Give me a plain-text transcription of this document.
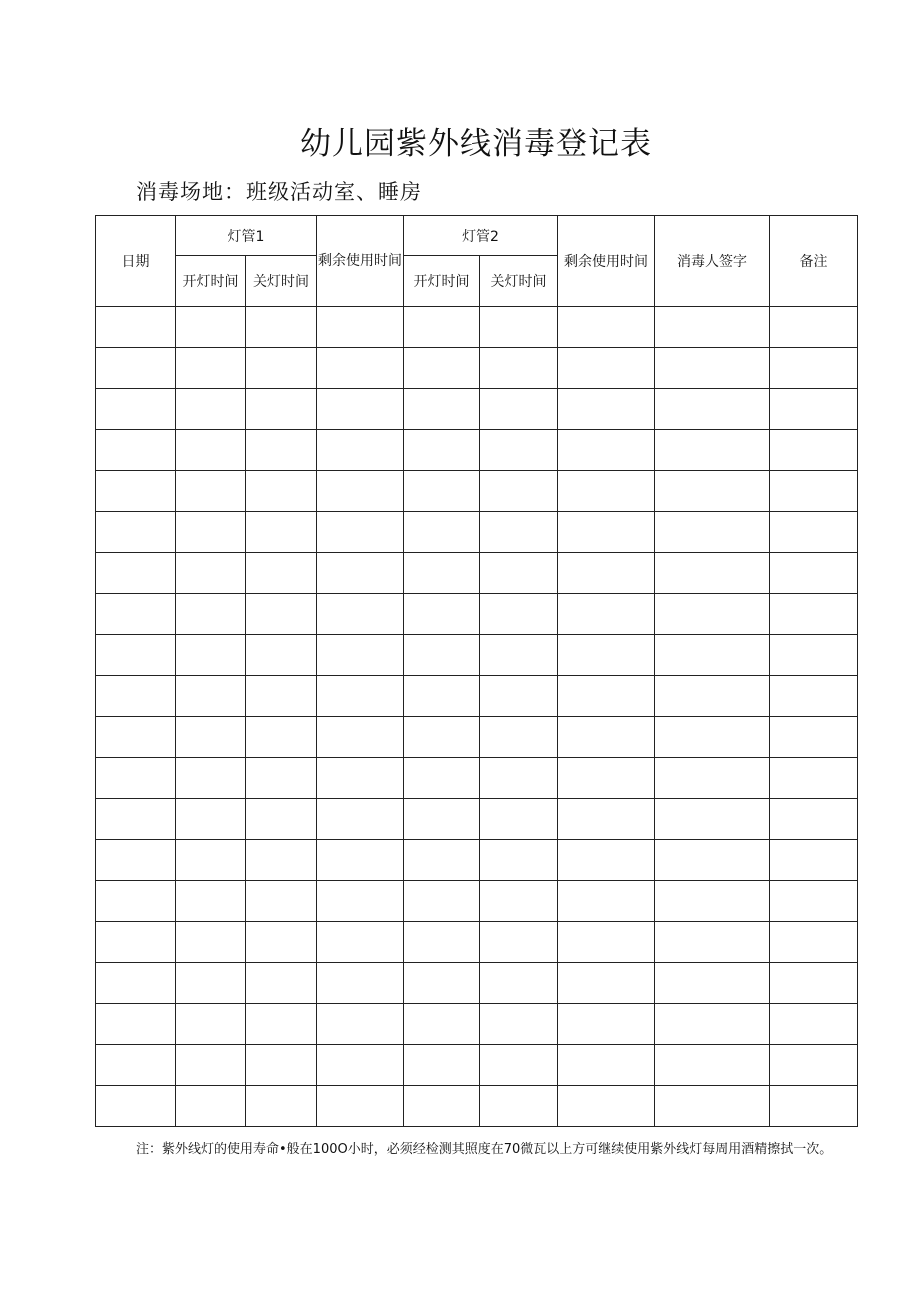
幼儿园紫外线消毒登记表
消毒场地：班级活动室、睡房
日期	灯管1		剩余使用时间	灯管2		剩余使用时间	消毒人签字	备注
	开灯时间	关灯时间		开灯时间	关灯时间			

注：紫外线灯的使用寿命•般在100O小时，必须经检测其照度在70微瓦以上方可继续使用紫外线灯每周用酒精擦拭一次。
